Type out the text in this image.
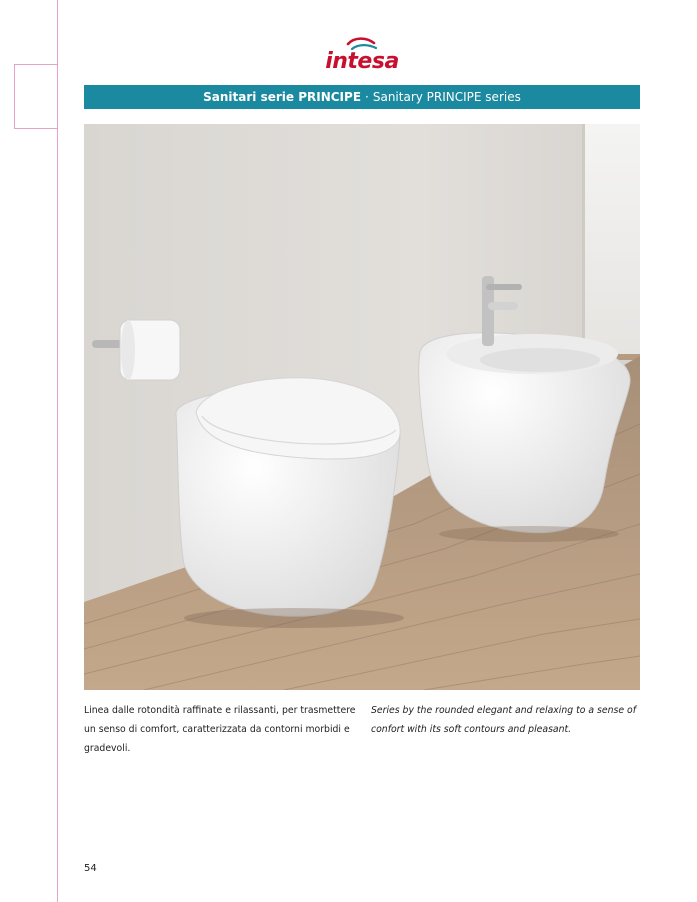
intesa
Sanitari serie PRINCIPE · Sanitary PRINCIPE series
Linea dalle rotondità raffinate e rilassanti, per trasmettere un senso di comfort, caratterizzata da contorni morbidi e gradevoli.
Series by the rounded elegant and relaxing to a sense of confort with its soft contours and pleasant.
54
